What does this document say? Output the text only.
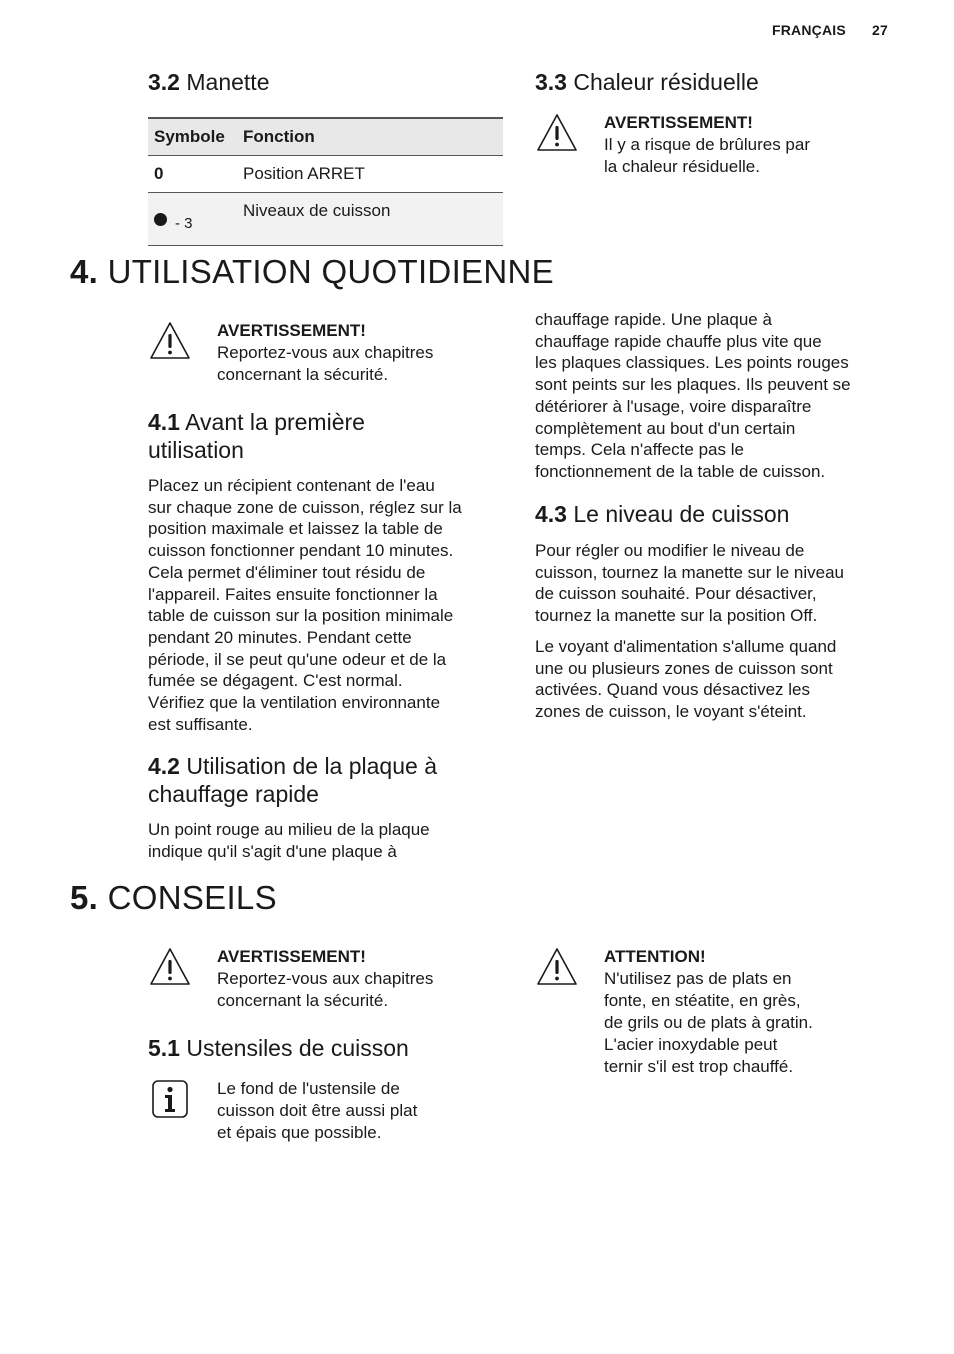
FRANÇAIS 27
3.2 Manette
Symbole	Fonction
0	Position ARRET
- 3	Niveaux de cuisson
3.3 Chaleur résiduelle
AVERTISSEMENT!
Il y a risque de brûlures par
la chaleur résiduelle.
4. UTILISATION QUOTIDIENNE
AVERTISSEMENT!
Reportez-vous aux chapitres
concernant la sécurité.
4.1 Avant la première
utilisation

Placez un récipient contenant de l'eau
sur chaque zone de cuisson, réglez sur la
position maximale et laissez la table de
cuisson fonctionner pendant 10 minutes.
Cela permet d'éliminer tout résidu de
l'appareil. Faites ensuite fonctionner la
table de cuisson sur la position minimale
pendant 20 minutes. Pendant cette
période, il se peut qu'une odeur et de la
fumée se dégagent. C'est normal.
Vérifiez que la ventilation environnante
est suffisante.

4.2 Utilisation de la plaque à
chauffage rapide

Un point rouge au milieu de la plaque
indique qu'il s'agit d'une plaque à

chauffage rapide. Une plaque à
chauffage rapide chauffe plus vite que
les plaques classiques. Les points rouges
sont peints sur les plaques. Ils peuvent se
détériorer à l'usage, voire disparaître
complètement au bout d'un certain
temps. Cela n'affecte pas le
fonctionnement de la table de cuisson.

4.3 Le niveau de cuisson

Pour régler ou modifier le niveau de
cuisson, tournez la manette sur le niveau
de cuisson souhaité. Pour désactiver,
tournez la manette sur la position Off.

Le voyant d'alimentation s'allume quand
une ou plusieurs zones de cuisson sont
activées. Quand vous désactivez les
zones de cuisson, le voyant s'éteint.

5. CONSEILS
AVERTISSEMENT!
Reportez-vous aux chapitres
concernant la sécurité.
ATTENTION!
N'utilisez pas de plats en
fonte, en stéatite, en grès,
de grils ou de plats à gratin.
L'acier inoxydable peut
ternir s'il est trop chauffé.
5.1 Ustensiles de cuisson
Le fond de l'ustensile de
cuisson doit être aussi plat
et épais que possible.
